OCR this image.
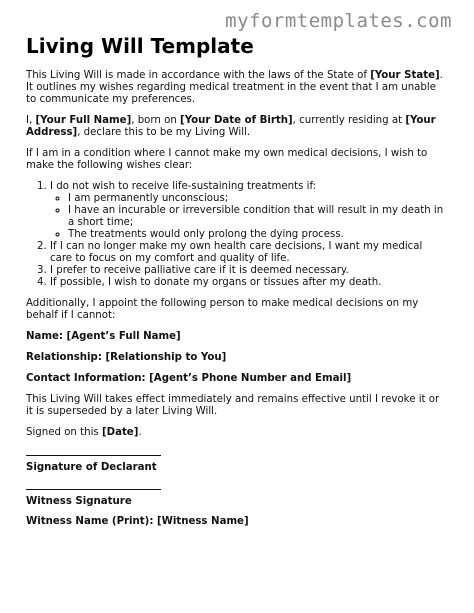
myformtemplates.com
Living Will Template

This Living Will is made in accordance with the laws of the State of [Your State]. It outlines my wishes regarding medical treatment in the event that I am unable to communicate my preferences.

I, [Your Full Name], born on [Your Date of Birth], currently residing at [Your Address], declare this to be my Living Will.

If I am in a condition where I cannot make my own medical decisions, I wish to make the following wishes clear:

1. I do not wish to receive life-sustaining treatments if:
◦ I am permanently unconscious;
◦ I have an incurable or irreversible condition that will result in my death in a short time;
◦ The treatments would only prolong the dying process.
2. If I can no longer make my own health care decisions, I want my medical care to focus on my comfort and quality of life.
3. I prefer to receive palliative care if it is deemed necessary.
4. If possible, I wish to donate my organs or tissues after my death.

Additionally, I appoint the following person to make medical decisions on my behalf if I cannot:

Name: [Agent’s Full Name]

Relationship: [Relationship to You]

Contact Information: [Agent’s Phone Number and Email]

This Living Will takes effect immediately and remains effective until I revoke it or it is superseded by a later Living Will.

Signed on this [Date].

Signature of Declarant
Witness Signature
Witness Name (Print): [Witness Name]
